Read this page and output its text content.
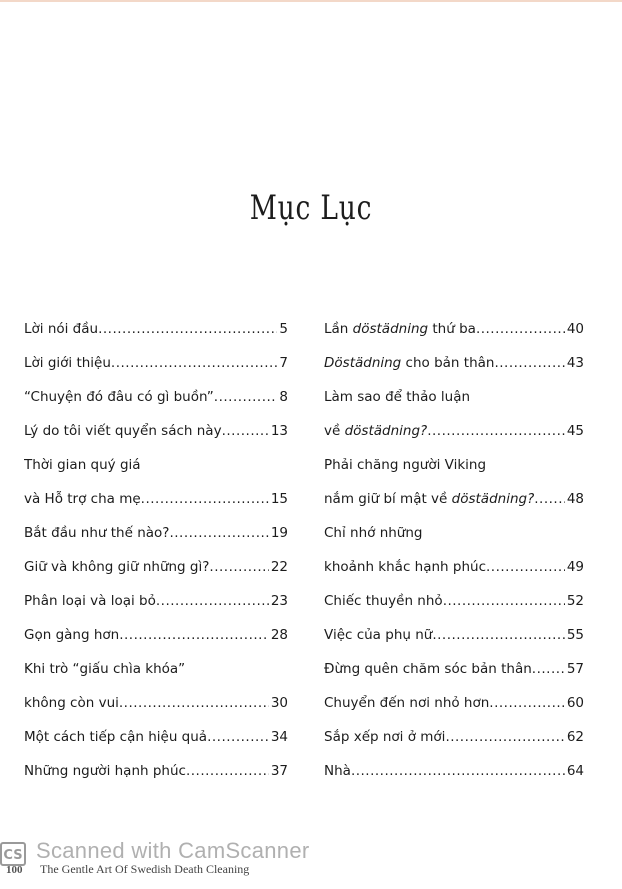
Mục Lục
Lời nói đầu .....	5
Lời giới thiệu .....	7
“Chuyện đó đâu có gì buồn” .....	8
Lý do tôi viết quyển sách này .....	13
Thời gian quý giá
và Hỗ trợ cha mẹ .....	15
Bắt đầu như thế nào? .....	19
Giữ và không giữ những gì? .....	22
Phân loại và loại bỏ .....	23
Gọn gàng hơn .....	28
Khi trò “giấu chìa khóa”
không còn vui .....	30
Một cách tiếp cận hiệu quả .....	34
Những người hạnh phúc .....	37
Lần döstädning thứ ba .....	40
Döstädning cho bản thân .....	43
Làm sao để thảo luận
về döstädning? .....	45
Phải chăng người Viking
nắm giữ bí mật về döstädning? ..... 48
Chỉ nhớ những
khoảnh khắc hạnh phúc .....	49
Chiếc thuyền nhỏ .....	52
Việc của phụ nữ .....	55
Đừng quên chăm sóc bản thân .....	57
Chuyển đến nơi nhỏ hơn .....	60
Sắp xếp nơi ở mới .....	62
Nhà .....	64
CS Scanned with CamScanner
100 The Gentle Art Of Swedish Death Cleaning
